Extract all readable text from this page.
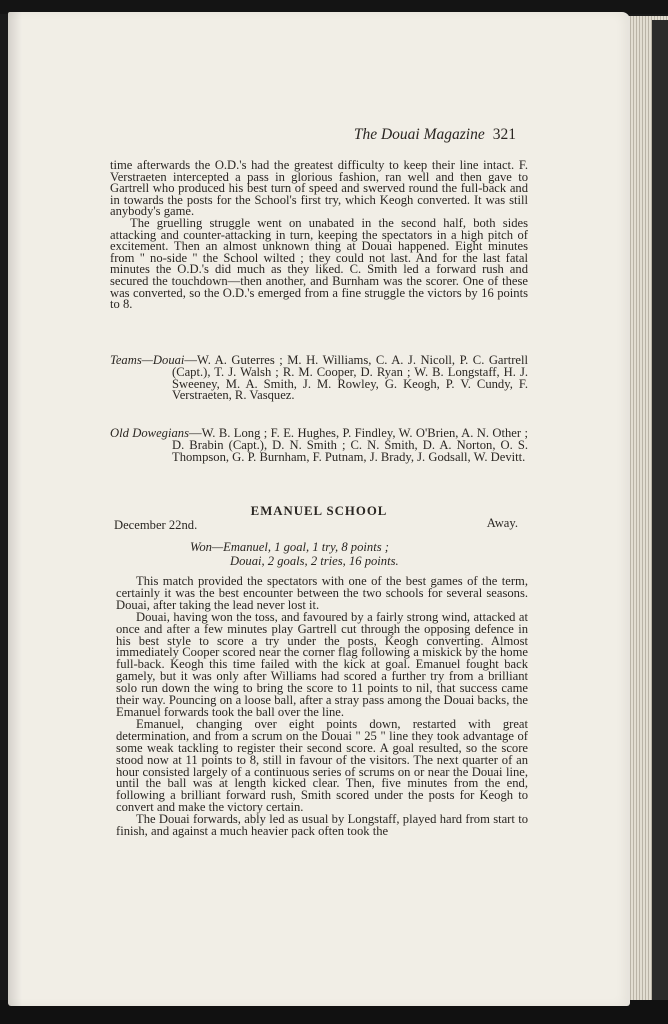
The Douai Magazine 321

time afterwards the O.D.'s had the greatest difficulty to keep their line intact. F. Verstraeten intercepted a pass in glorious fashion, ran well and then gave to Gartrell who produced his best turn of speed and swerved round the full-back and in towards the posts for the School's first try, which Keogh converted. It was still anybody's game.

The gruelling struggle went on unabated in the second half, both sides attacking and counter-attacking in turn, keeping the spectators in a high pitch of excitement. Then an almost unknown thing at Douai happened. Eight minutes from " no-side " the School wilted ; they could not last. And for the last fatal minutes the O.D.'s did much as they liked. C. Smith led a forward rush and secured the touchdown—then another, and Burnham was the scorer. One of these was converted, so the O.D.'s emerged from a fine struggle the victors by 16 points to 8.

Teams—Douai—W. A. Guterres ; M. H. Williams, C. A. J. Nicoll, P. C. Gartrell (Capt.), T. J. Walsh ; R. M. Cooper, D. Ryan ; W. B. Longstaff, H. J. Sweeney, M. A. Smith, J. M. Rowley, G. Keogh, P. V. Cundy, F. Verstraeten, R. Vasquez.
Old Dowegians—W. B. Long ; F. E. Hughes, P. Findley, W. O'Brien, A. N. Other ; D. Brabin (Capt.), D. N. Smith ; C. N. Smith, D. A. Norton, O. S. Thompson, G. P. Burnham, F. Putnam, J. Brady, J. Godsall, W. Devitt.
EMANUEL SCHOOL
December 22nd.	Away.
Won—Emanuel, 1 goal, 1 try, 8 points ;
Douai, 2 goals, 2 tries, 16 points.

This match provided the spectators with one of the best games of the term, certainly it was the best encounter between the two schools for several seasons. Douai, after taking the lead never lost it.

Douai, having won the toss, and favoured by a fairly strong wind, attacked at once and after a few minutes play Gartrell cut through the opposing defence in his best style to score a try under the posts, Keogh converting. Almost immediately Cooper scored near the corner flag following a miskick by the home full-back. Keogh this time failed with the kick at goal. Emanuel fought back gamely, but it was only after Williams had scored a further try from a brilliant solo run down the wing to bring the score to 11 points to nil, that success came their way. Pouncing on a loose ball, after a stray pass among the Douai backs, the Emanuel forwards took the ball over the line.

Emanuel, changing over eight points down, restarted with great determination, and from a scrum on the Douai " 25 " line they took advantage of some weak tackling to register their second score. A goal resulted, so the score stood now at 11 points to 8, still in favour of the visitors. The next quarter of an hour consisted largely of a continuous series of scrums on or near the Douai line, until the ball was at length kicked clear. Then, five minutes from the end, following a brilliant forward rush, Smith scored under the posts for Keogh to convert and make the victory certain.

The Douai forwards, ably led as usual by Longstaff, played hard from start to finish, and against a much heavier pack often took the
